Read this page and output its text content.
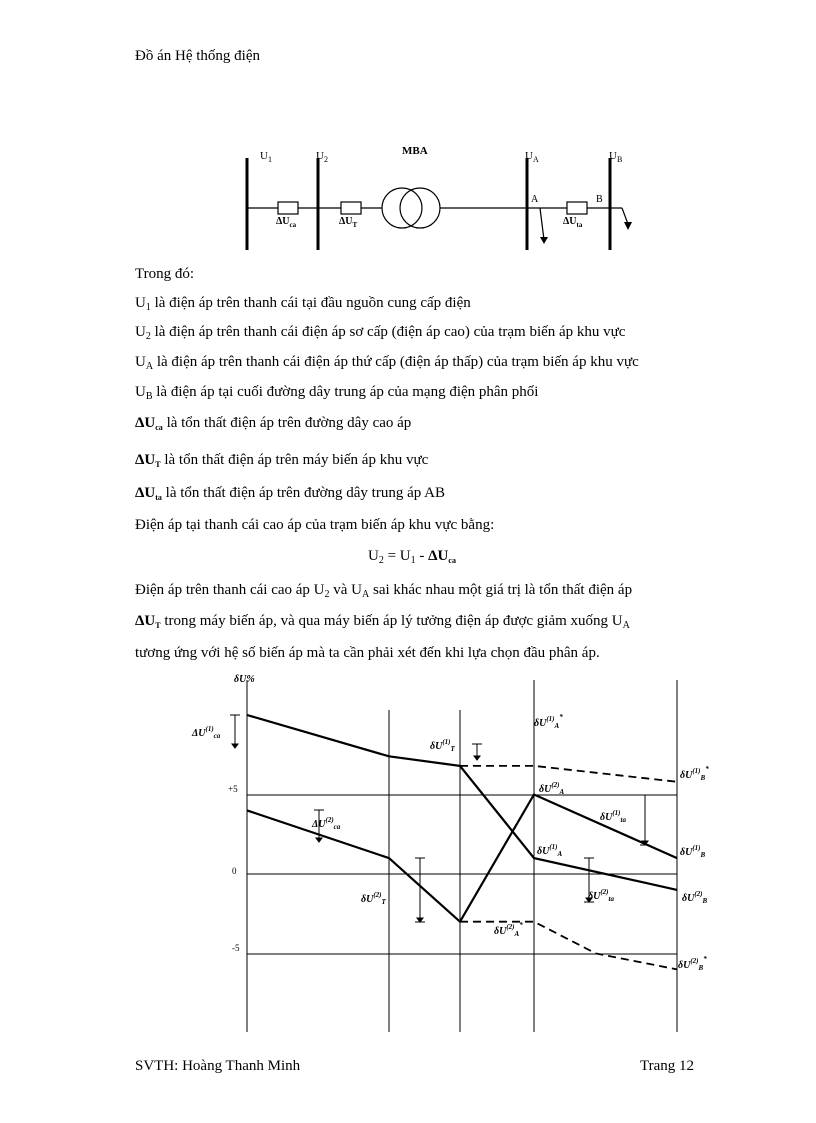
Đồ án Hệ thống điện
$U_1$	$U_2$
MBA	$U_A$	$U_B$
A	B
$\Delta U_{ca}$	$\Delta U_T$	$\Delta U_{ta}$
Trong đó:
$U_1$ là điện áp trên thanh cái tại đầu nguồn cung cấp điện
$U_2$ là điện áp trên thanh cái điện áp sơ cấp (điện áp cao) của trạm biến áp khu vực
$U_A$ là điện áp trên thanh cái điện áp thứ cấp (điện áp thấp) của trạm biến áp khu vực
$U_B$ là điện áp tại cuối đường dây trung áp của mạng điện phân phối
$\Delta U_{ca}$ là tổn thất điện áp trên đường dây cao áp
$\Delta U_T$ là tổn thất điện áp trên máy biến áp khu vực
$\Delta U_{ta}$ là tổn thất điện áp trên đường dây trung áp AB
Điện áp tại thanh cái cao áp của trạm biến áp khu vực bằng:
$U_2 = U_1 - \Delta U_{ca}$
Điện áp trên thanh cái cao áp $U_2$ và $U_A$ sai khác nhau một giá trị là tổn thất điện áp
$\Delta U_T$ trong máy biến áp, và qua máy biến áp lý tưởng điện áp được giảm xuống $U_A$
tương ứng với hệ số biến áp mà ta cần phải xét đến khi lựa chọn đầu phân áp.
δU%
+5
0
-5
$\Delta U^{(1)}_{ca}$
$\delta U^{(1)}_T$
$\delta U^{(1)}_A^*$
$\delta U^{(1)}_B^*$
$\delta U^{(2)}_A$
$\delta U^{(1)}_{ta}$
$\delta U^{(1)}_B$
$\Delta U^{(2)}_{ca}$
$\delta U^{(2)}_T$
$\delta U^{(1)}_A$
$\delta U^{(2)}_{ta}$	$\delta U^{(2)}_B$
$\delta U^{(2)}_A^*$
$\delta U^{(2)}_B^*$
SVTH: Hoàng Thanh Minh	Trang 12
